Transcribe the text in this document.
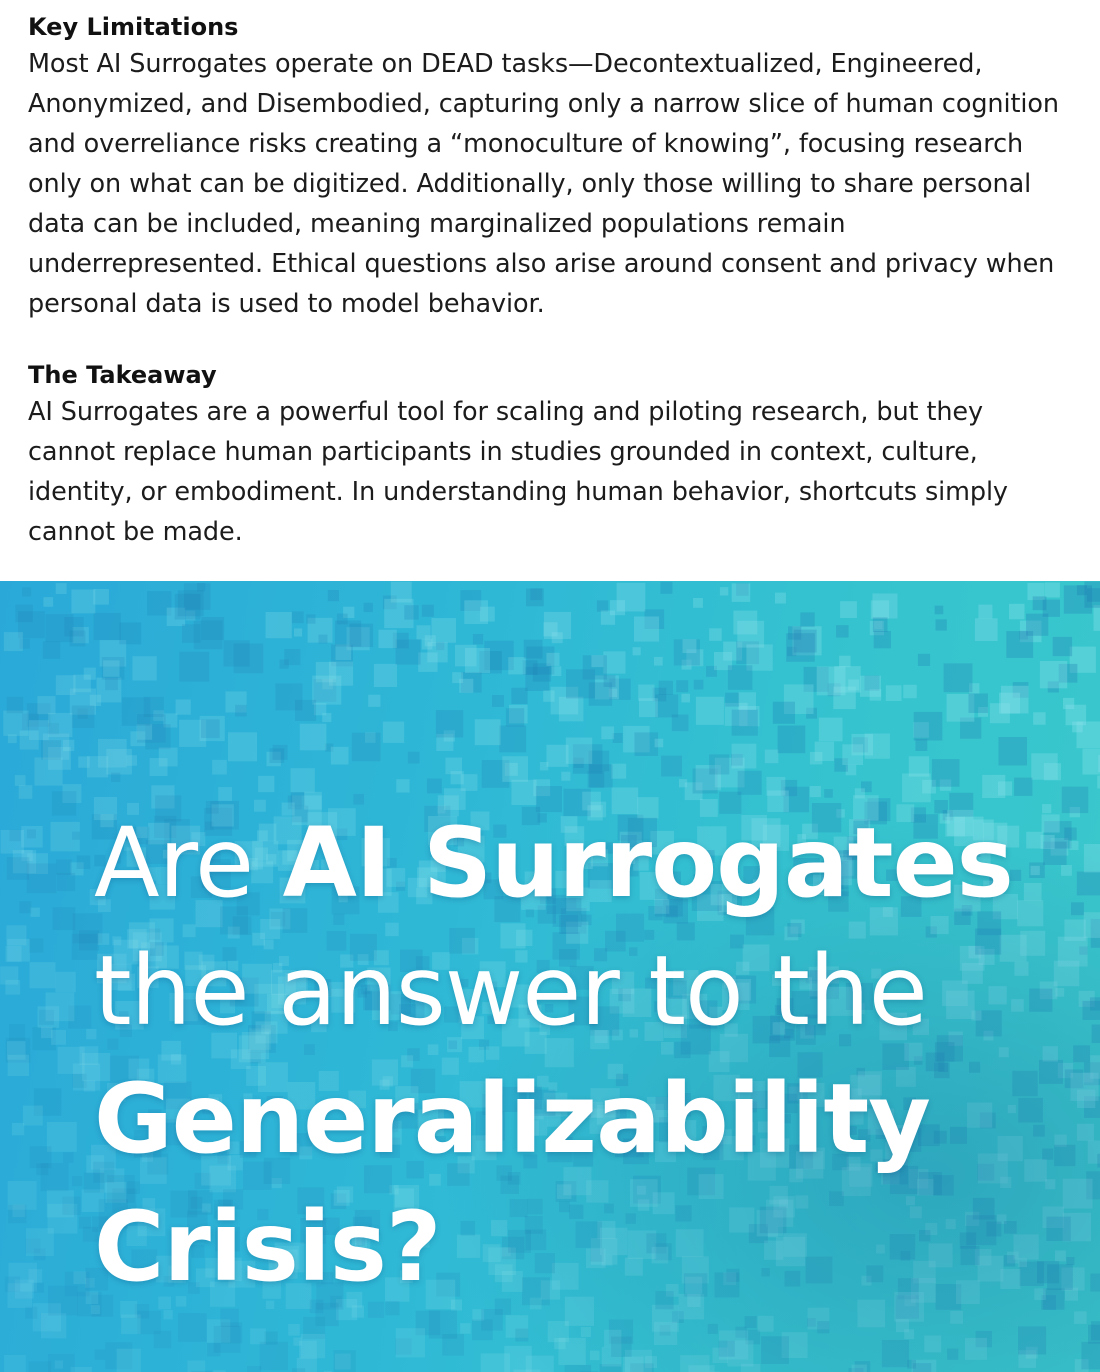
Key Limitations

Most AI Surrogates operate on DEAD tasks—Decontextualized, Engineered,
Anonymized, and Disembodied, capturing only a narrow slice of human cognition
and overreliance risks creating a “monoculture of knowing”, focusing research
only on what can be digitized. Additionally, only those willing to share personal
data can be included, meaning marginalized populations remain
underrepresented. Ethical questions also arise around consent and privacy when
personal data is used to model behavior.

The Takeaway

AI Surrogates are a powerful tool for scaling and piloting research, but they
cannot replace human participants in studies grounded in context, culture,
identity, or embodiment. In understanding human behavior, shortcuts simply
cannot be made.

Are AI Surrogates
the answer to the
Generalizability
Crisis?
